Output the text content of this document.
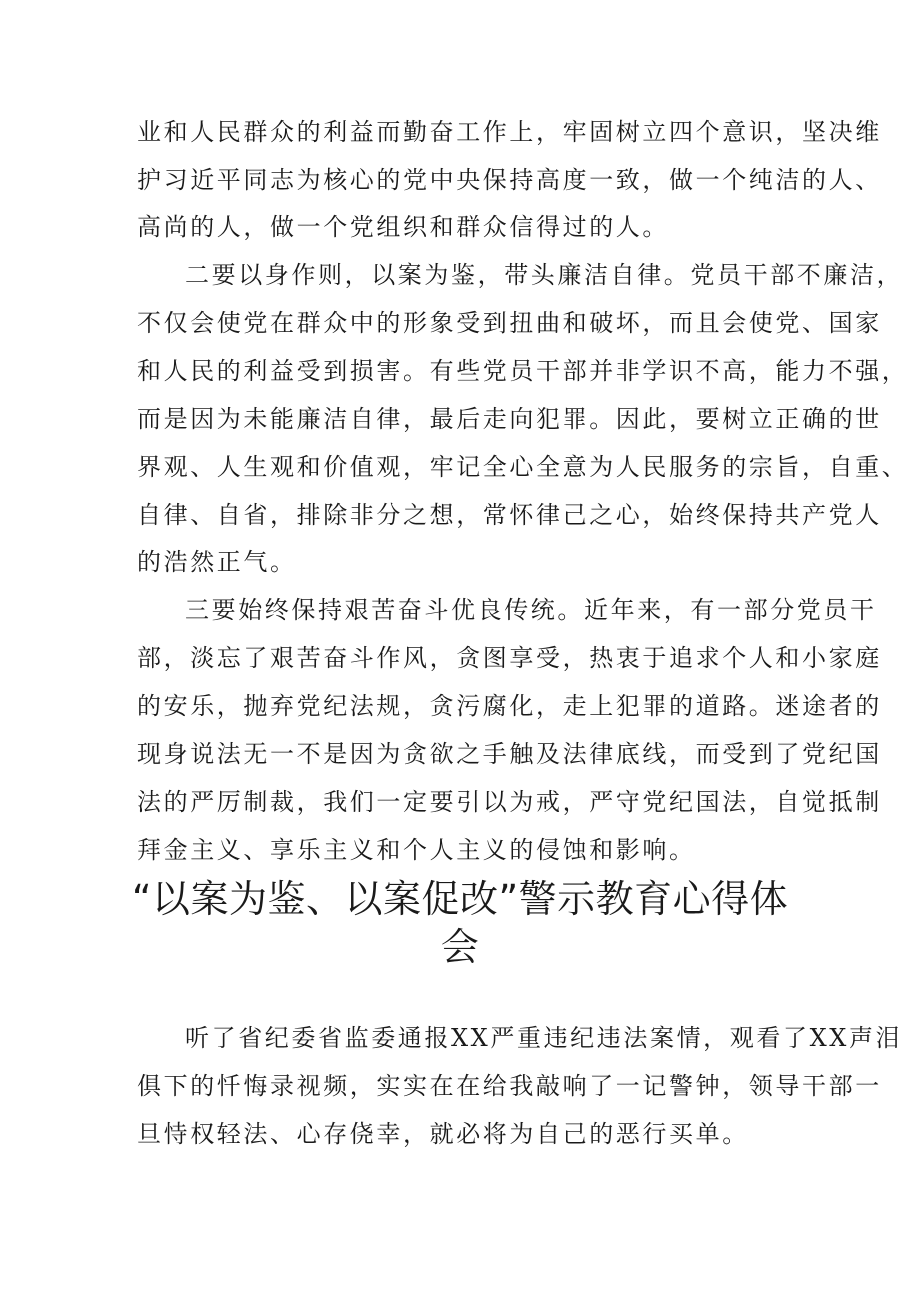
业和人民群众的利益而勤奋工作上，牢固树立四个意识，坚决维
护习近平同志为核心的党中央保持高度一致，做一个纯洁的人、
高尚的人，做一个党组织和群众信得过的人。
二要以身作则，以案为鉴，带头廉洁自律。党员干部不廉洁，
不仅会使党在群众中的形象受到扭曲和破坏，而且会使党、国家
和人民的利益受到损害。有些党员干部并非学识不高，能力不强，
而是因为未能廉洁自律，最后走向犯罪。因此，要树立正确的世
界观、人生观和价值观，牢记全心全意为人民服务的宗旨，自重、
自律、自省，排除非分之想，常怀律己之心，始终保持共产党人
的浩然正气。
三要始终保持艰苦奋斗优良传统。近年来，有一部分党员干
部，淡忘了艰苦奋斗作风，贪图享受，热衷于追求个人和小家庭
的安乐，抛弃党纪法规，贪污腐化，走上犯罪的道路。迷途者的
现身说法无一不是因为贪欲之手触及法律底线，而受到了党纪国
法的严厉制裁，我们一定要引以为戒，严守党纪国法，自觉抵制
拜金主义、享乐主义和个人主义的侵蚀和影响。
“以案为鉴、以案促改”警示教育心得体
会
听了省纪委省监委通报XX严重违纪违法案情，观看了XX声泪
俱下的忏悔录视频，实实在在给我敲响了一记警钟，领导干部一
旦恃权轻法、心存侥幸，就必将为自己的恶行买单。
